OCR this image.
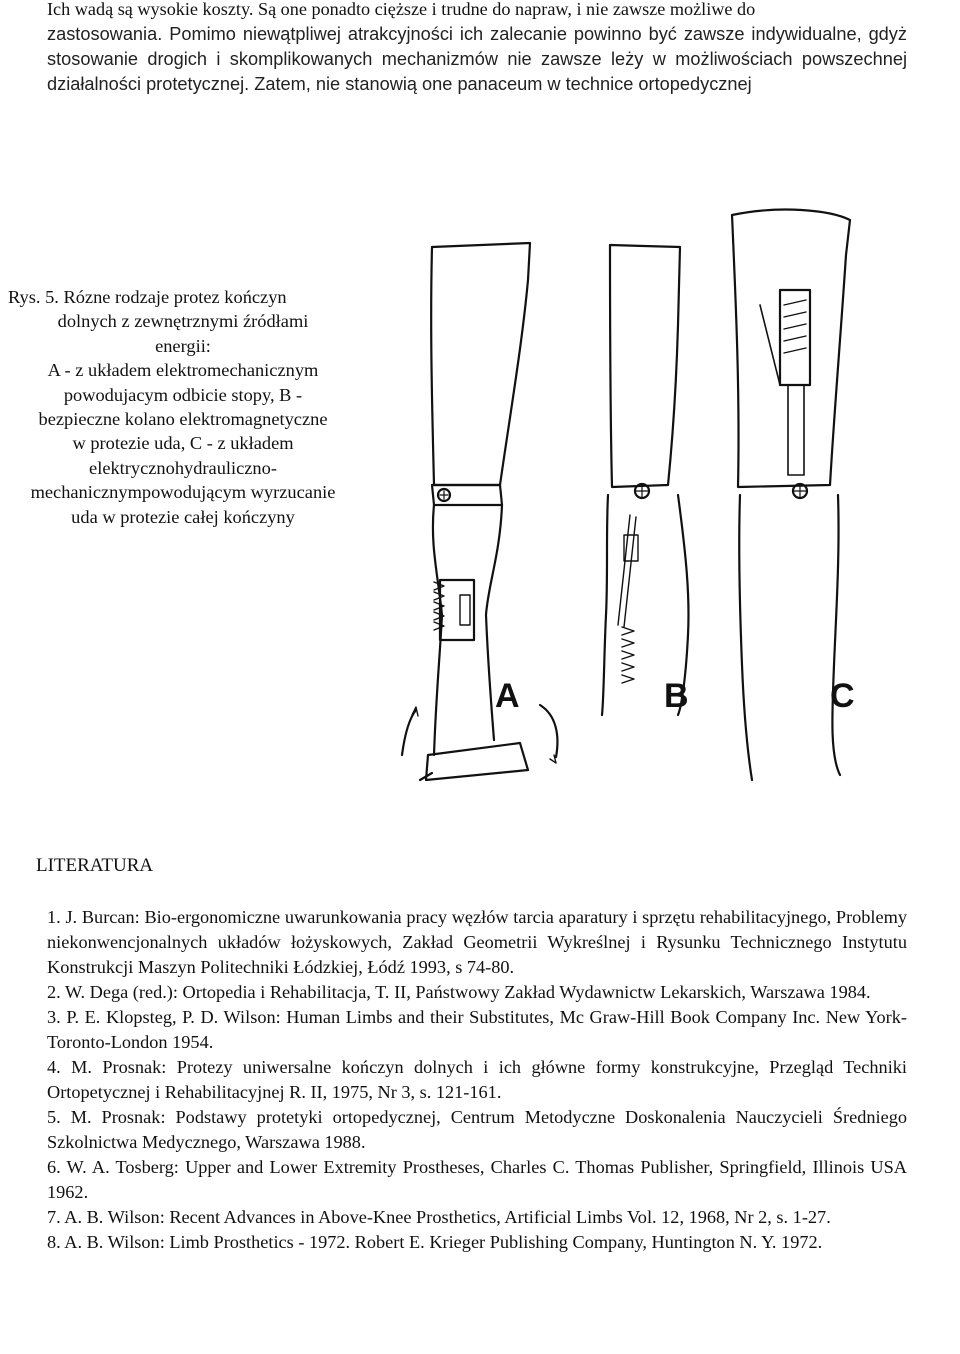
Ich wadą są wysokie koszty. Są one ponadto cięższe i trudne do napraw, i nie zawsze możliwe do
zastosowania. Pomimo niewątpliwej atrakcyjności ich zalecanie powinno być zawsze indywidualne, gdyż stosowanie drogich i skomplikowanych mechanizmów nie zawsze leży w możliwościach powszechnej działalności protetycznej. Zatem, nie stanowią one panaceum w technice ortopedycznej
Rys. 5. Rózne rodzaje protez kończyn
dolnych z zewnętrznymi źródłami
energii:
A - z układem elektromechanicznym
powodujacym odbicie stopy, B -
bezpieczne kolano elektromagnetyczne
w protezie uda, C - z układem
elektrycznohydrauliczno-
mechanicznympowodującym wyrzucanie
uda w protezie całej kończyny
A	B	C
LITERATURA

1. J. Burcan: Bio-ergonomiczne uwarunkowania pracy węzłów tarcia aparatury i sprzętu rehabilitacyjnego, Problemy niekonwencjonalnych układów łożyskowych, Zakład Geometrii Wykreślnej i Rysunku Technicznego Instytutu Konstrukcji Maszyn Politechniki Łódzkiej, Łódź 1993, s 74-80.

2. W. Dega (red.): Ortopedia i Rehabilitacja, T. II, Państwowy Zakład Wydawnictw Lekarskich, Warszawa 1984.

3. P. E. Klopsteg, P. D. Wilson: Human Limbs and their Substitutes, Mc Graw-Hill Book Company Inc. New York-Toronto-London 1954.

4. M. Prosnak: Protezy uniwersalne kończyn dolnych i ich główne formy konstrukcyjne, Przegląd Techniki Ortopetycznej i Rehabilitacyjnej R. II, 1975, Nr 3, s. 121-161.

5. M. Prosnak: Podstawy protetyki ortopedycznej, Centrum Metodyczne Doskonalenia Nauczycieli Średniego Szkolnictwa Medycznego, Warszawa 1988.

6. W. A. Tosberg: Upper and Lower Extremity Prostheses, Charles C. Thomas Publisher, Springfield, Illinois USA 1962.

7. A. B. Wilson: Recent Advances in Above-Knee Prosthetics, Artificial Limbs Vol. 12, 1968, Nr 2, s. 1-27.

8. A. B. Wilson: Limb Prosthetics - 1972. Robert E. Krieger Publishing Company, Huntington N. Y. 1972.
